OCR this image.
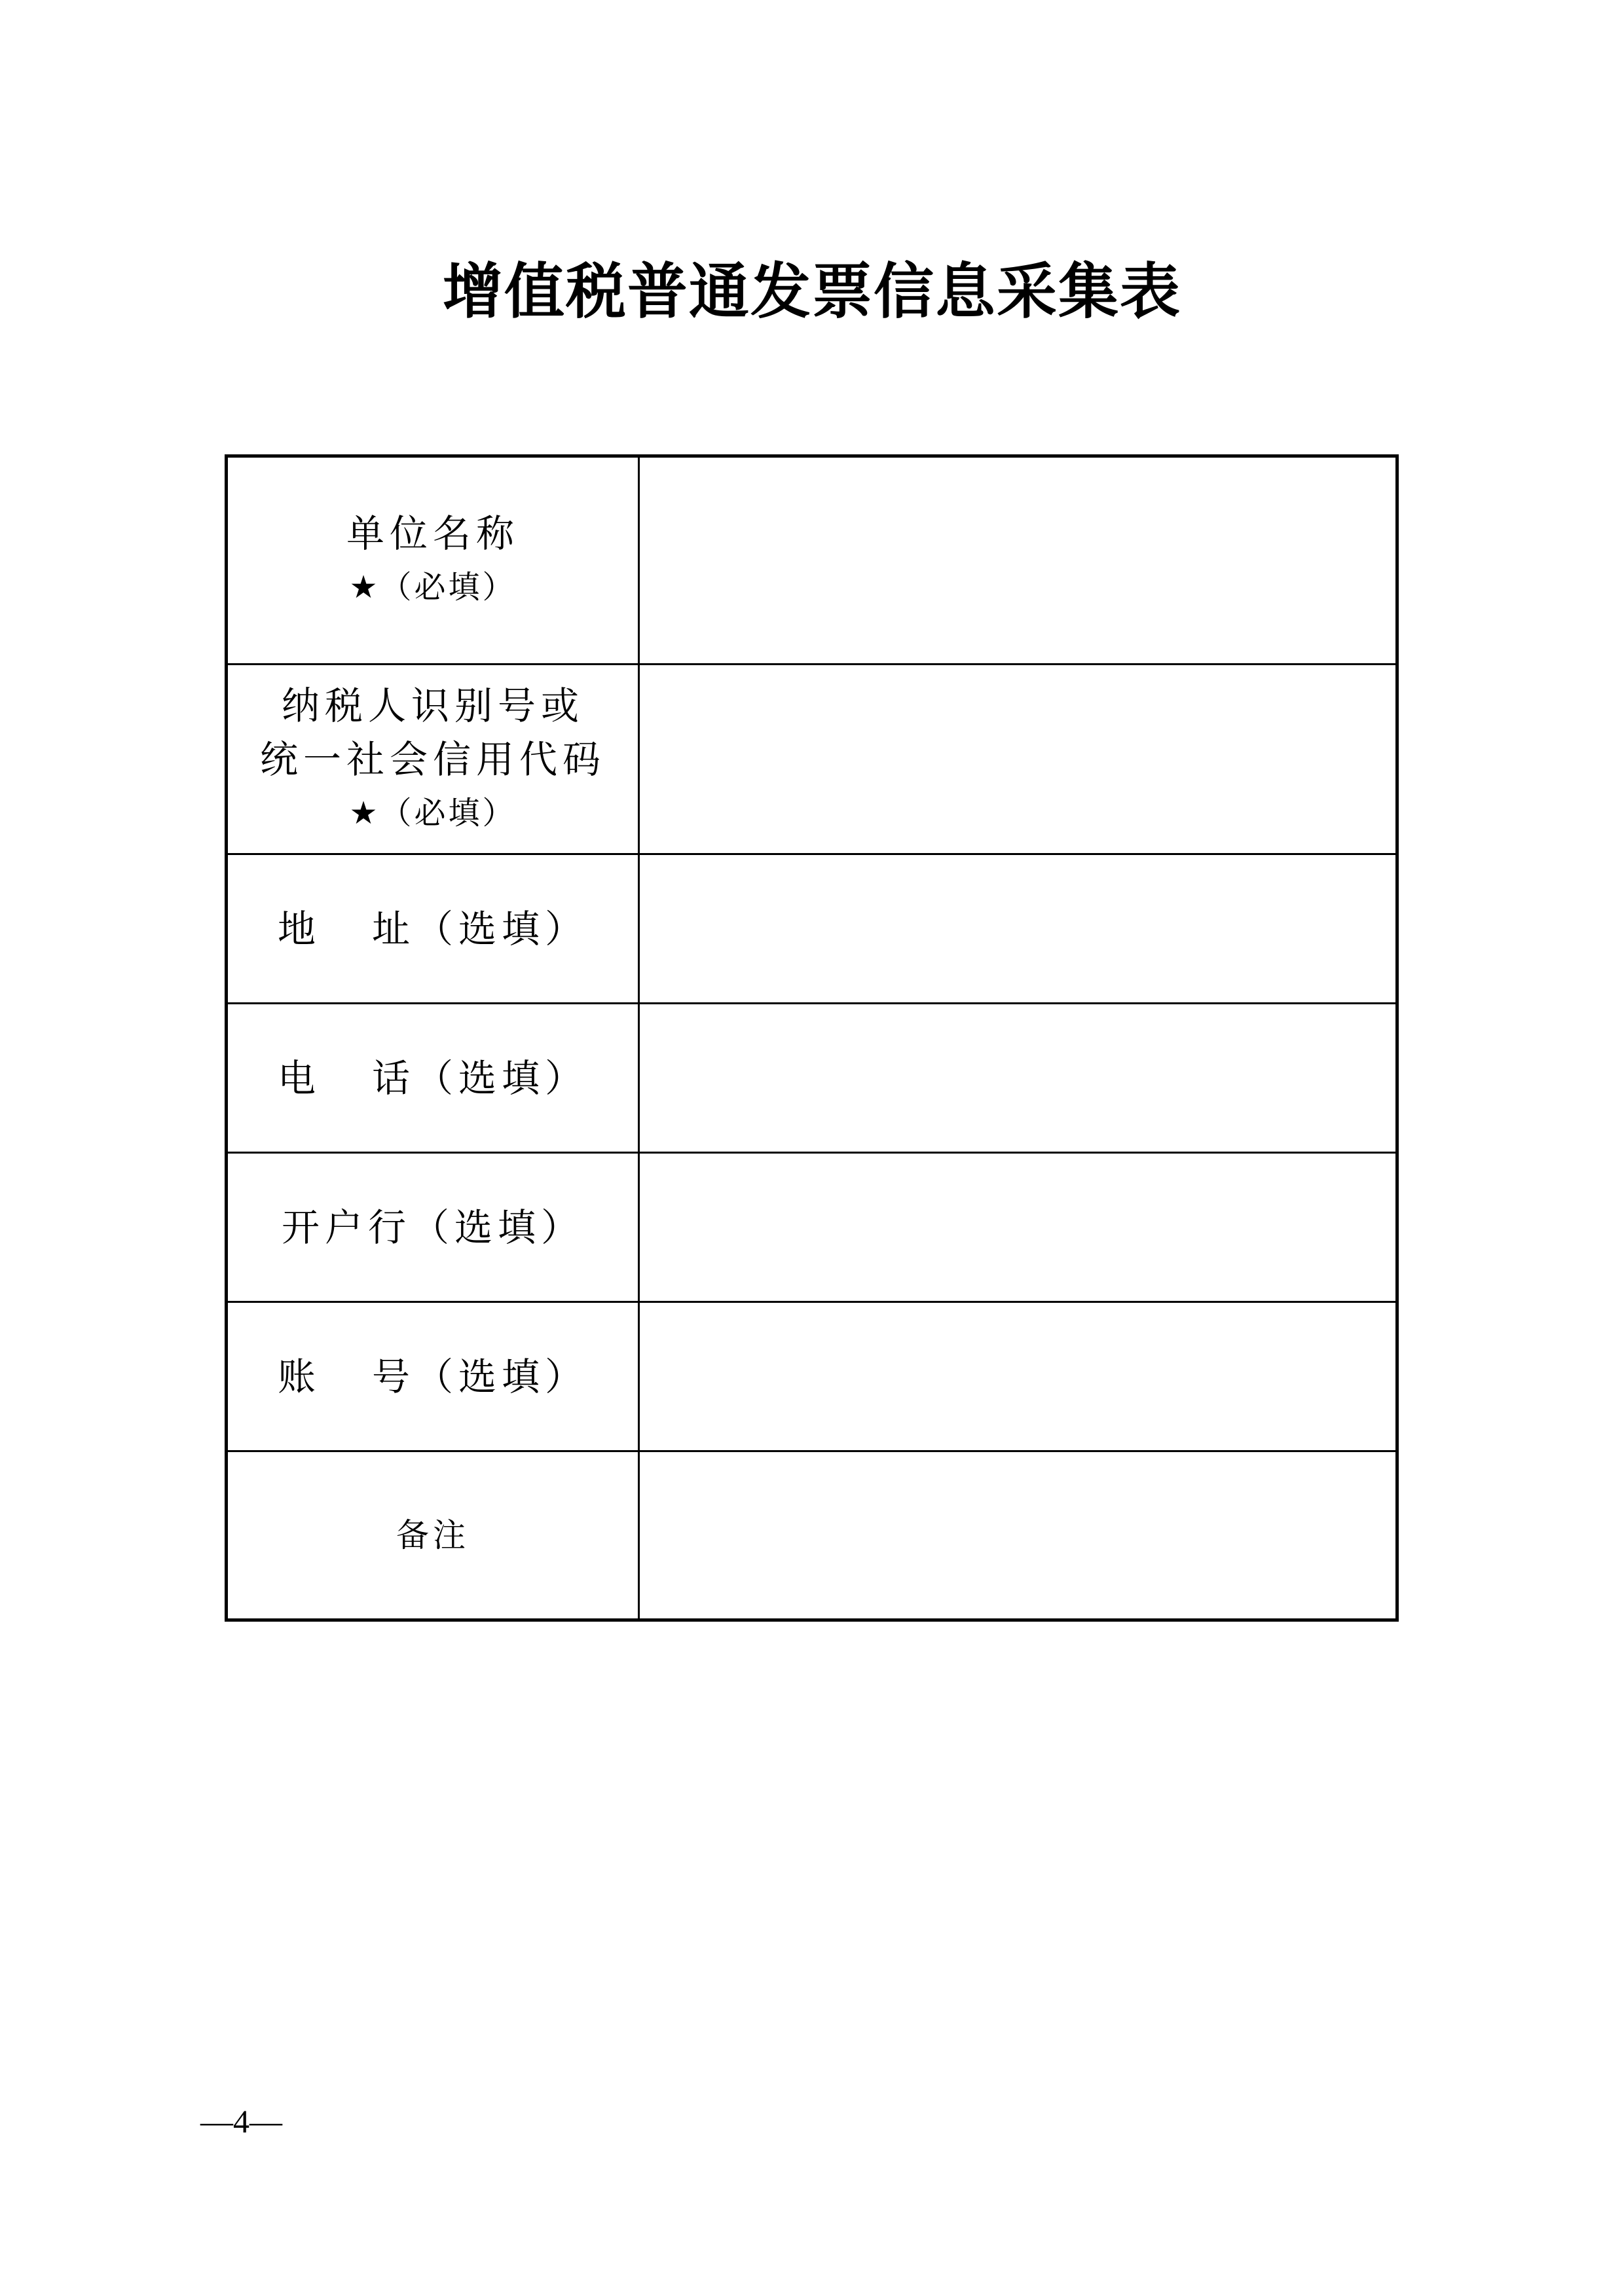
增值税普通发票信息采集表
单位名称
★（必填）	

纳税人识别号或
统一社会信用代码
★（必填）	

地 址（选填）	
电 话（选填）	
开户行（选填）	
账 号（选填）	
备注	
—4—
